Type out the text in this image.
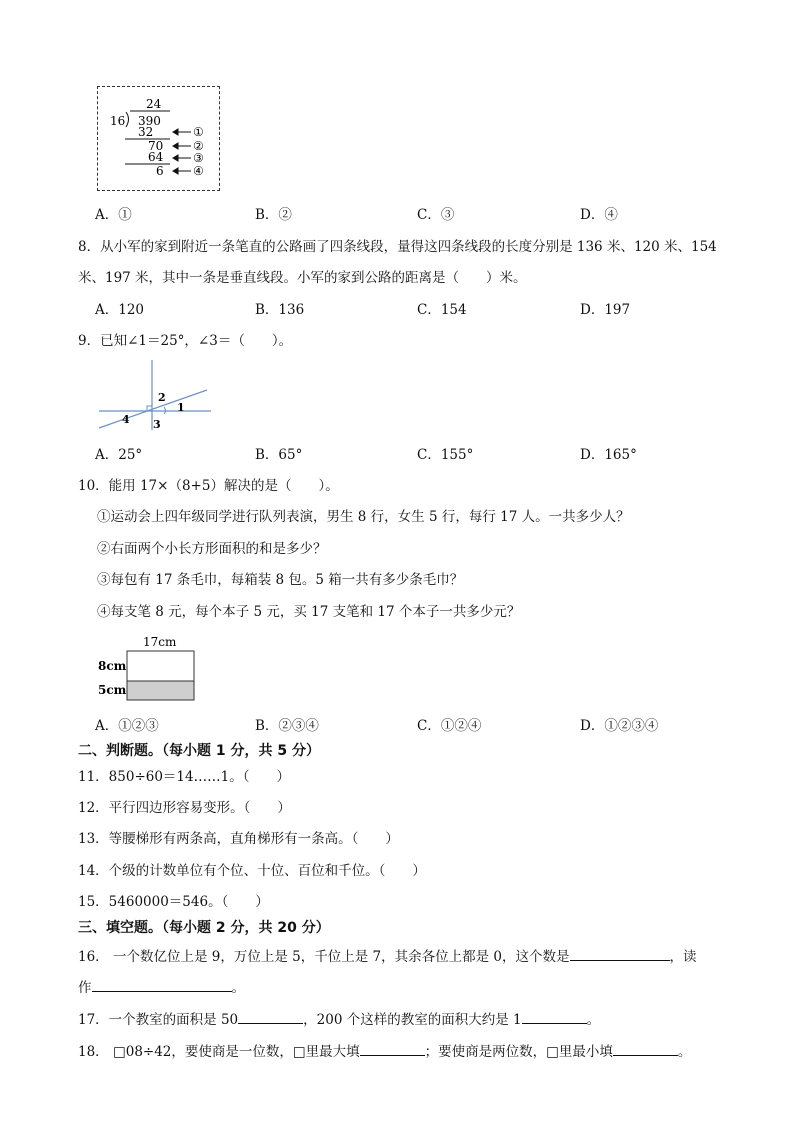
24
16 390
32
70
64
6
①
②
③
④
A．①	B．②	C．③	D．④
8．从小军的家到附近一条笔直的公路画了四条线段，量得这四条线段的长度分别是 136 米、120 米、154
米、197 米，其中一条是垂直线段。小军的家到公路的距离是（　　）米。
A．120	B．136	C．154	D．197
9．已知∠1＝25°，∠3＝（　　）。
2
1
4 3
A．25°	B．65°	C．155°	D．165°
10．能用 17×（8+5）解决的是（　　）。
①运动会上四年级同学进行队列表演，男生 8 行，女生 5 行，每行 17 人。一共多少人？
②右面两个小长方形面积的和是多少？
③每包有 17 条毛巾，每箱装 8 包。5 箱一共有多少条毛巾？
④每支笔 8 元，每个本子 5 元，买 17 支笔和 17 个本子一共多少元？
17cm
8cm
5cm
A．①②③	B．②③④	C．①②④	D．①②③④
二、判断题。（每小题 1 分，共 5 分）
11．850÷60＝14……1。（　　）
12．平行四边形容易变形。（　　）
13．等腰梯形有两条高，直角梯形有一条高。（　　）
14．个级的计数单位有个位、十位、百位和千位。（　　）
15．5460000＝546。（　　）
三、填空题。（每小题 2 分，共 20 分）
16． 一个数亿位上是 9，万位上是 5，千位上是 7，其余各位上都是 0，这个数是	，读
作	。
17．一个教室的面积是 50	，200 个这样的教室的面积大约是 1	。
18． □08÷42，要使商是一位数，□里最大填	；要使商是两位数，□里最小填	。
